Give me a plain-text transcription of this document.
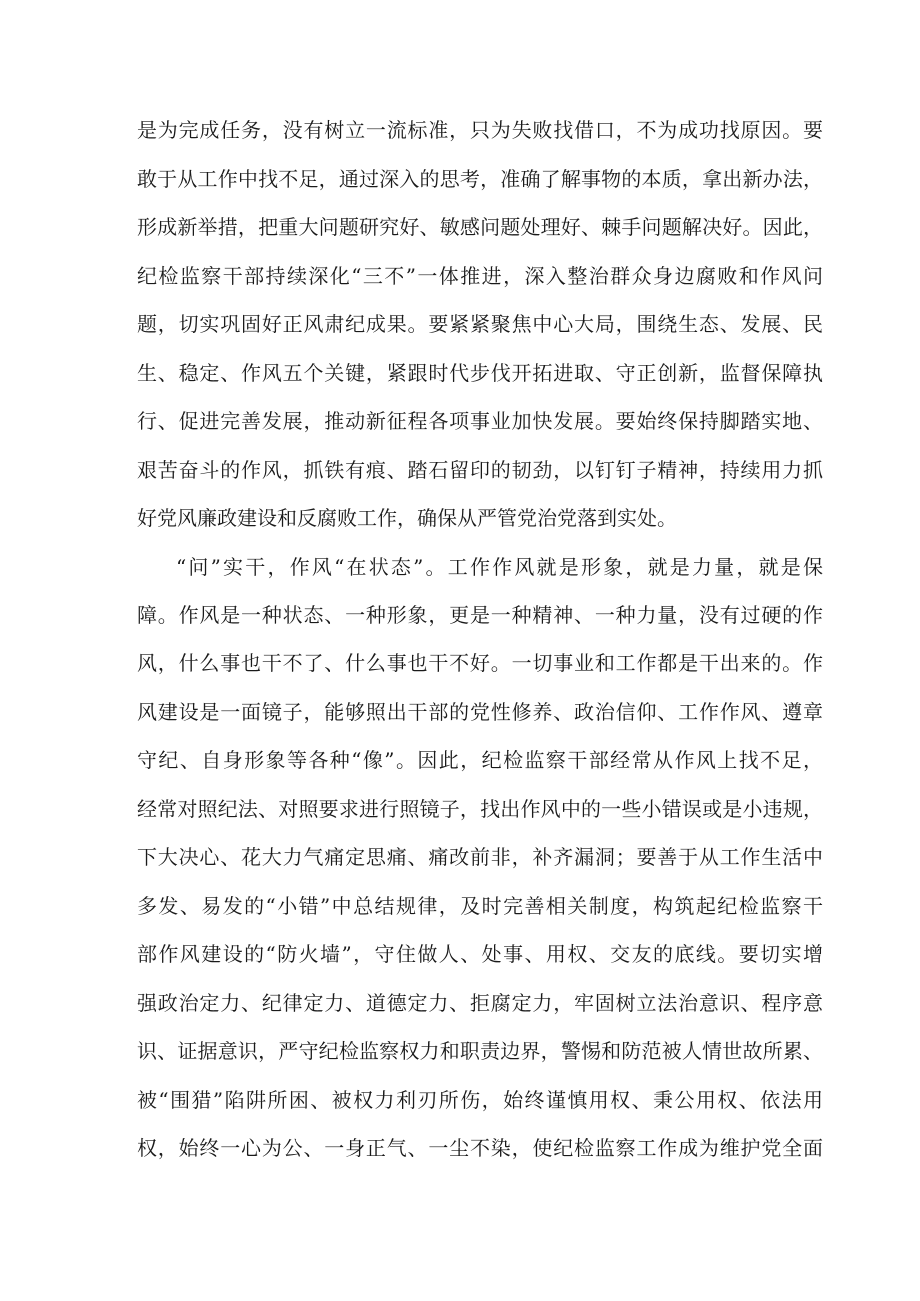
是为完成任务，没有树立一流标准，只为失败找借口，不为成功找原因。要
敢于从工作中找不足，通过深入的思考，准确了解事物的本质，拿出新办法，
形成新举措，把重大问题研究好、敏感问题处理好、棘手问题解决好。因此，
纪检监察干部持续深化“三不”一体推进，深入整治群众身边腐败和作风问
题，切实巩固好正风肃纪成果。要紧紧聚焦中心大局，围绕生态、发展、民
生、稳定、作风五个关键，紧跟时代步伐开拓进取、守正创新，监督保障执
行、促进完善发展，推动新征程各项事业加快发展。要始终保持脚踏实地、
艰苦奋斗的作风，抓铁有痕、踏石留印的韧劲，以钉钉子精神，持续用力抓
好党风廉政建设和反腐败工作，确保从严管党治党落到实处。
“问”实干，作风“在状态”。工作作风就是形象，就是力量，就是保
障。作风是一种状态、一种形象，更是一种精神、一种力量，没有过硬的作
风，什么事也干不了、什么事也干不好。一切事业和工作都是干出来的。作
风建设是一面镜子，能够照出干部的党性修养、政治信仰、工作作风、遵章
守纪、自身形象等各种“像”。因此，纪检监察干部经常从作风上找不足，
经常对照纪法、对照要求进行照镜子，找出作风中的一些小错误或是小违规，
下大决心、花大力气痛定思痛、痛改前非，补齐漏洞；要善于从工作生活中
多发、易发的“小错”中总结规律，及时完善相关制度，构筑起纪检监察干
部作风建设的“防火墙”，守住做人、处事、用权、交友的底线。要切实增
强政治定力、纪律定力、道德定力、拒腐定力，牢固树立法治意识、程序意
识、证据意识，严守纪检监察权力和职责边界，警惕和防范被人情世故所累、
被“围猎”陷阱所困、被权力利刃所伤，始终谨慎用权、秉公用权、依法用
权，始终一心为公、一身正气、一尘不染，使纪检监察工作成为维护党全面
